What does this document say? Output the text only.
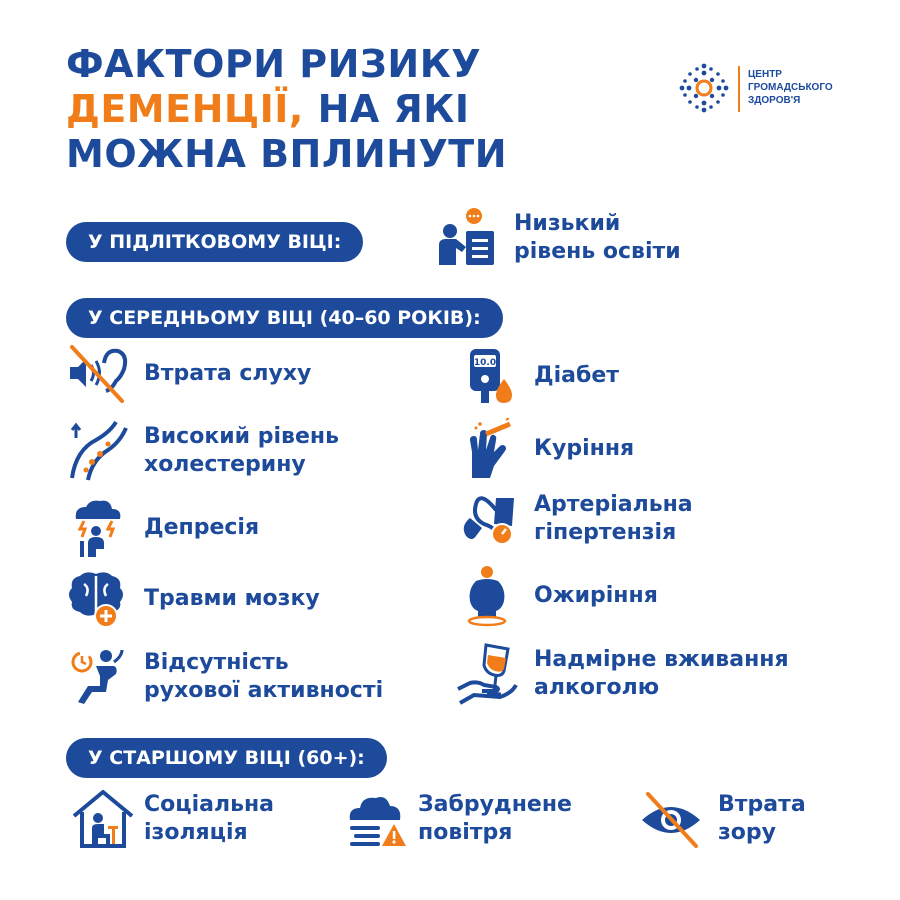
ФАКТОРИ РИЗИКУ
ДЕМЕНЦІЇ, НА ЯКІ
МОЖНА ВПЛИНУТИ
ЦЕНТР
ГРОМАДСЬКОГО
ЗДОРОВ'Я
У ПІДЛІТКОВОМУ ВІЦІ:
Низький
рівень освіти
У СЕРЕДНЬОМУ ВІЦІ (40–60 РОКІВ):
Втрата слуху
Високий рівень
холестерину
Депресія
Травми мозку
Відсутність
рухової активності
10.0 Діабет
Куріння
Артеріальна
гіпертензія
Ожиріння
Надмірне вживання
алкоголю
У СТАРШОМУ ВІЦІ (60+):
Соціальна
ізоляція
Забруднене
повітря
Втрата
зору
